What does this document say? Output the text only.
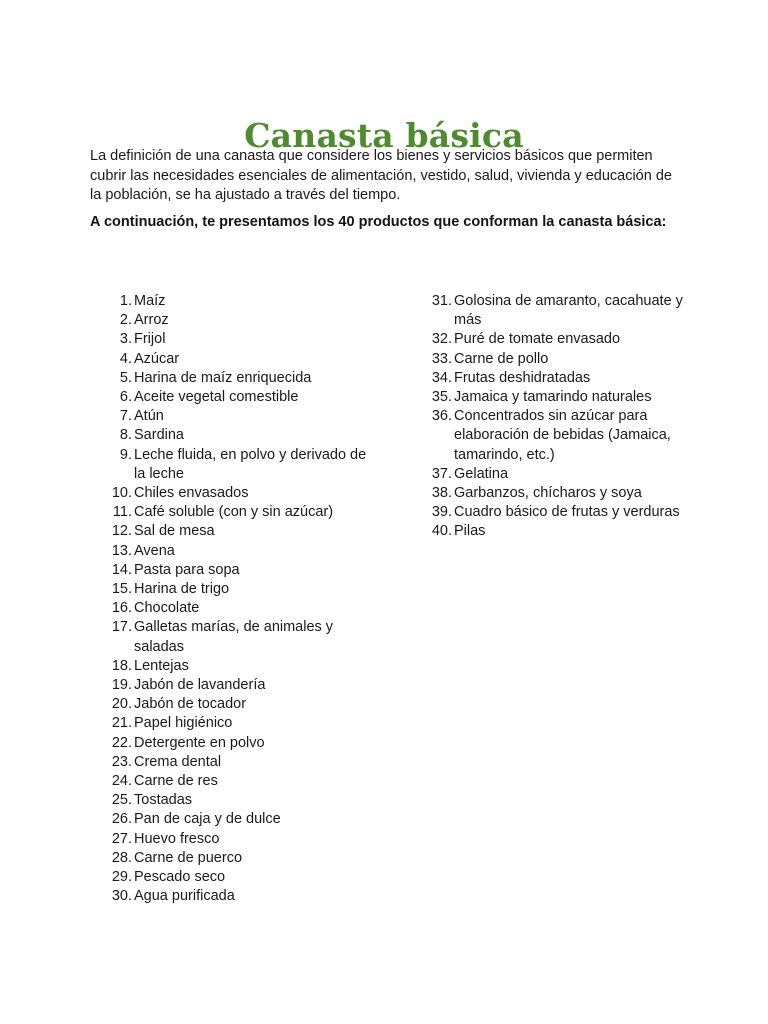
Canasta básica

La definición de una canasta que considere los bienes y servicios básicos que permiten cubrir las necesidades esenciales de alimentación, vestido, salud, vivienda y educación de la población, se ha ajustado a través del tiempo.

A continuación, te presentamos los 40 productos que conforman la canasta básica:

1. Maíz
2. Arroz
3. Frijol
4. Azúcar
5. Harina de maíz enriquecida
6. Aceite vegetal comestible
7. Atún
8. Sardina
9. Leche fluida, en polvo y derivado de la leche
10. Chiles envasados
11. Café soluble (con y sin azúcar)
12. Sal de mesa
13. Avena
14. Pasta para sopa
15. Harina de trigo
16. Chocolate
17. Galletas marías, de animales y saladas
18. Lentejas
19. Jabón de lavandería
20. Jabón de tocador
21. Papel higiénico
22. Detergente en polvo
23. Crema dental
24. Carne de res
25. Tostadas
26. Pan de caja y de dulce
27. Huevo fresco
28. Carne de puerco
29. Pescado seco
30. Agua purificada
31. Golosina de amaranto, cacahuate y más
32. Puré de tomate envasado
33. Carne de pollo
34. Frutas deshidratadas
35. Jamaica y tamarindo naturales
36. Concentrados sin azúcar para elaboración de bebidas (Jamaica, tamarindo, etc.)
37. Gelatina
38. Garbanzos, chícharos y soya
39. Cuadro básico de frutas y verduras
40. Pilas
